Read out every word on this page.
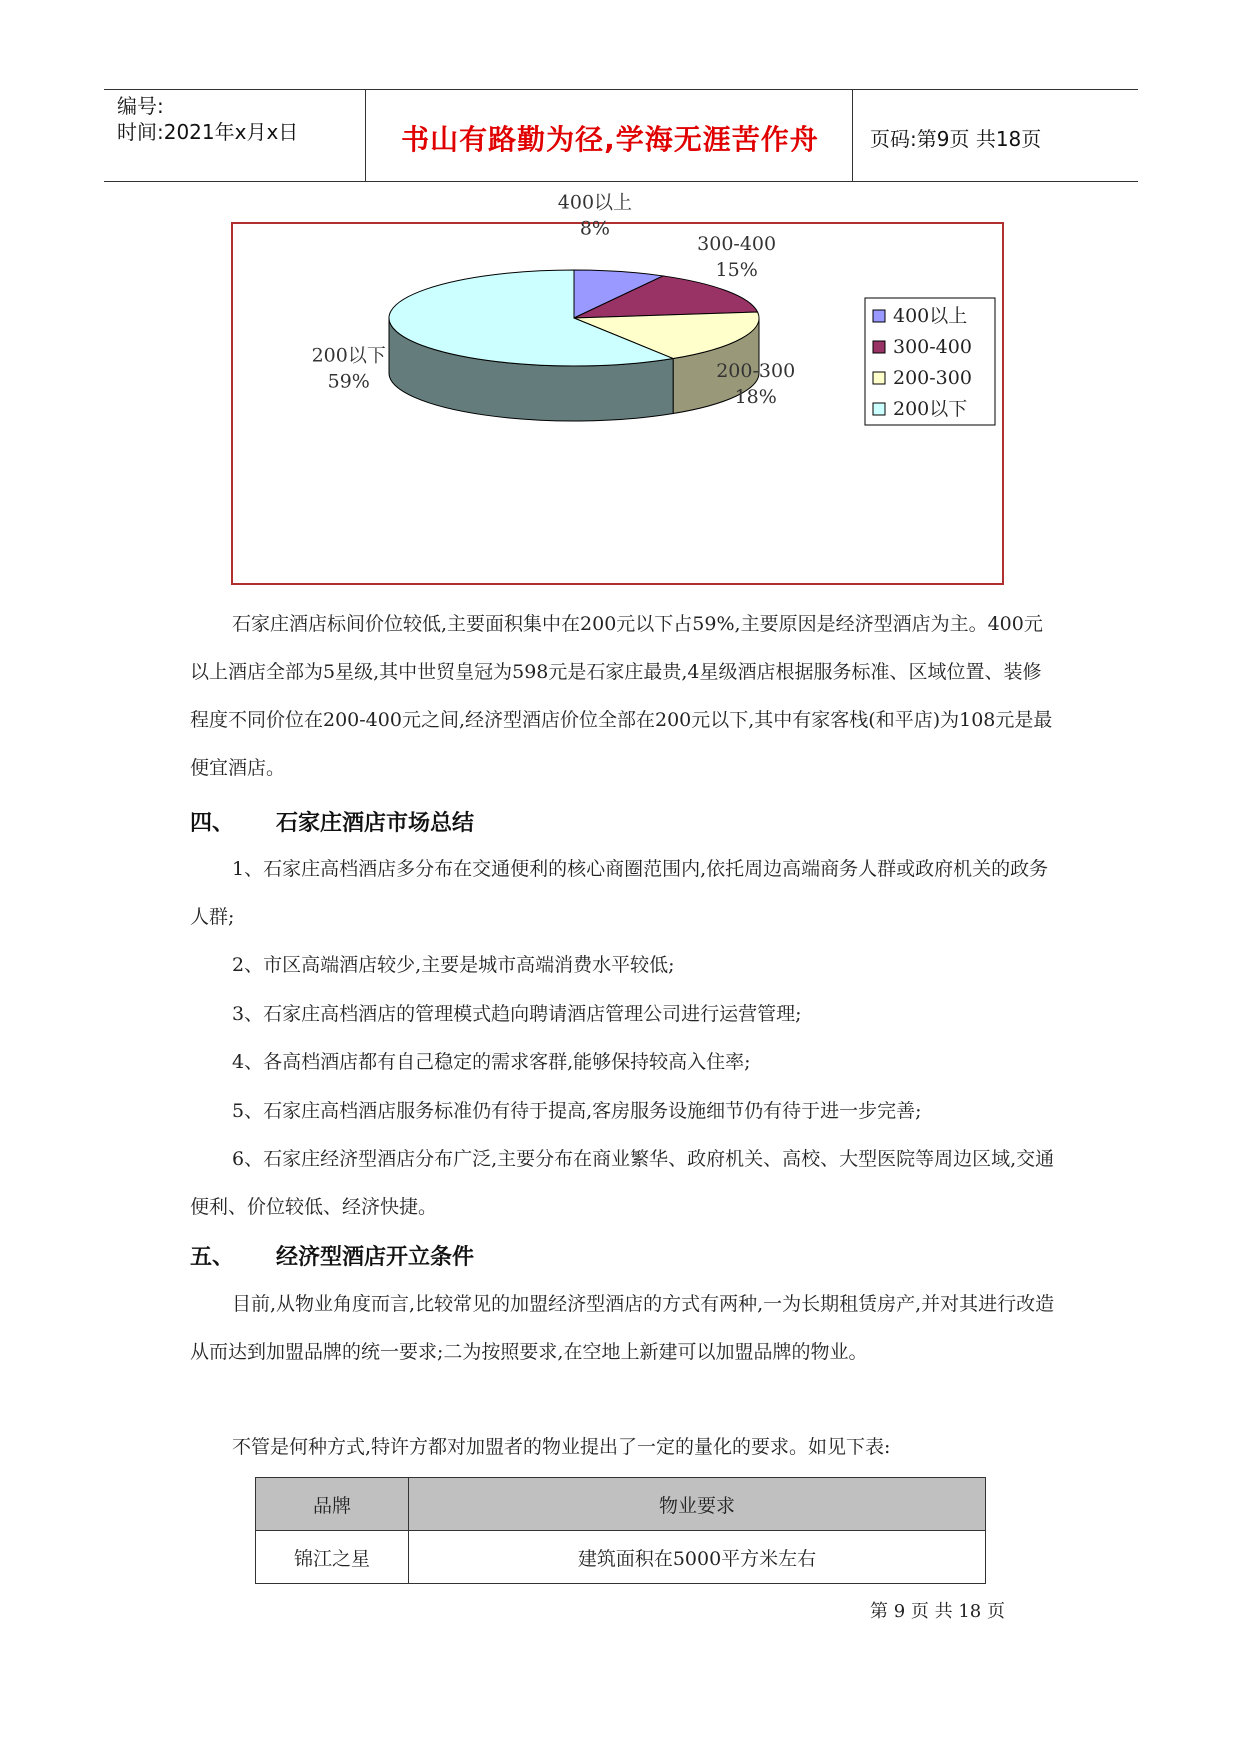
编号:
时间:2021年x月x日	书山有路勤为径,学海无涯苦作舟	页码:第9页 共18页
400以上
8%
300-400
15%
200-300
18%
200以下
59%
400以上
300-400
200-300
200以下
石家庄酒店标间价位较低,主要面积集中在200元以下占59%,主要原因是经济型酒店为主。400元以上酒店全部为5星级,其中世贸皇冠为598元是石家庄最贵,4星级酒店根据服务标准、区域位置、装修程度不同价位在200-400元之间,经济型酒店价位全部在200元以下,其中有家客栈(和平店)为108元是最便宜酒店。
四、 石家庄酒店市场总结
1、石家庄高档酒店多分布在交通便利的核心商圈范围内,依托周边高端商务人群或政府机关的政务人群;
2、市区高端酒店较少,主要是城市高端消费水平较低;
3、石家庄高档酒店的管理模式趋向聘请酒店管理公司进行运营管理;
4、各高档酒店都有自己稳定的需求客群,能够保持较高入住率;
5、石家庄高档酒店服务标准仍有待于提高,客房服务设施细节仍有待于进一步完善;
6、石家庄经济型酒店分布广泛,主要分布在商业繁华、政府机关、高校、大型医院等周边区域,交通便利、价位较低、经济快捷。
五、 经济型酒店开立条件
目前,从物业角度而言,比较常见的加盟经济型酒店的方式有两种,一为长期租赁房产,并对其进行改造从而达到加盟品牌的统一要求;二为按照要求,在空地上新建可以加盟品牌的物业。
不管是何种方式,特许方都对加盟者的物业提出了一定的量化的要求。如见下表:
品牌	物业要求
锦江之星	建筑面积在5000平方米左右
第 9 页 共 18 页
